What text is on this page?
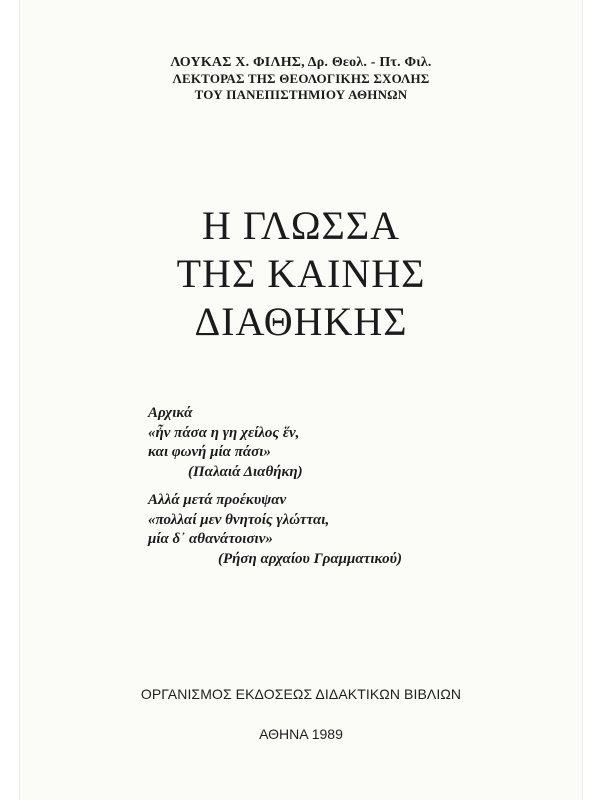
ΛΟΥΚΑΣ Χ. ΦΙΛΗΣ, Δρ. Θεολ. - Πτ. Φιλ.
ΛΕΚΤΟΡΑΣ ΤΗΣ ΘΕΟΛΟΓΙΚΗΣ ΣΧΟΛΗΣ
ΤΟΥ ΠΑΝΕΠΙΣΤΗΜΙΟΥ ΑΘΗΝΩΝ
Η ΓΛΩΣΣΑ
ΤΗΣ ΚΑΙΝΗΣ
ΔΙΑΘΗΚΗΣ
Αρχικά
«ἦν πάσα η γη χείλος ἕν,
και φωνή μία πάσι»
(Παλαιά Διαθήκη)
Αλλά μετά προέκυψαν
«πολλαί μεν θνητοίς γλώτται,
μία δ᾽ αθανάτοισιν»
(Ρήση αρχαίου Γραμματικού)
ΟΡΓΑΝΙΣΜΟΣ ΕΚΔΟΣΕΩΣ ΔΙΔΑΚΤΙΚΩΝ ΒΙΒΛΙΩΝ
ΑΘΗΝΑ 1989
